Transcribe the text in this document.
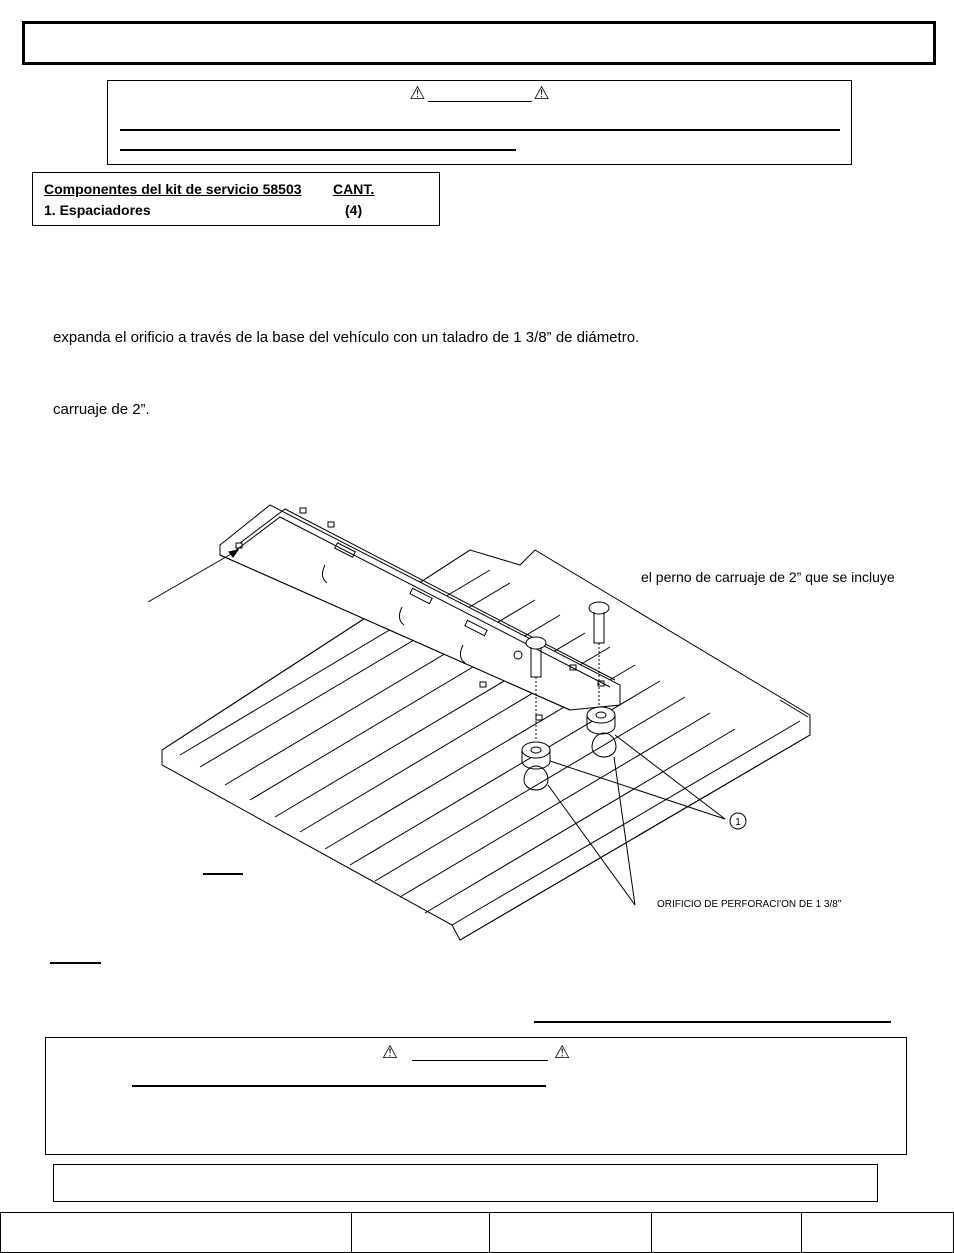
⚠	⚠
Componentes del kit de servicio 58503 CANT.
1. Espaciadores	(4)
expanda el orificio a través de la base del vehículo con un taladro de 1 3/8” de diámetro.
carruaje de 2”.
1
el perno de carruaje de 2” que se incluye
ORIFICIO DE PERFORACI'ON DE 1 3/8"
⚠	⚠
